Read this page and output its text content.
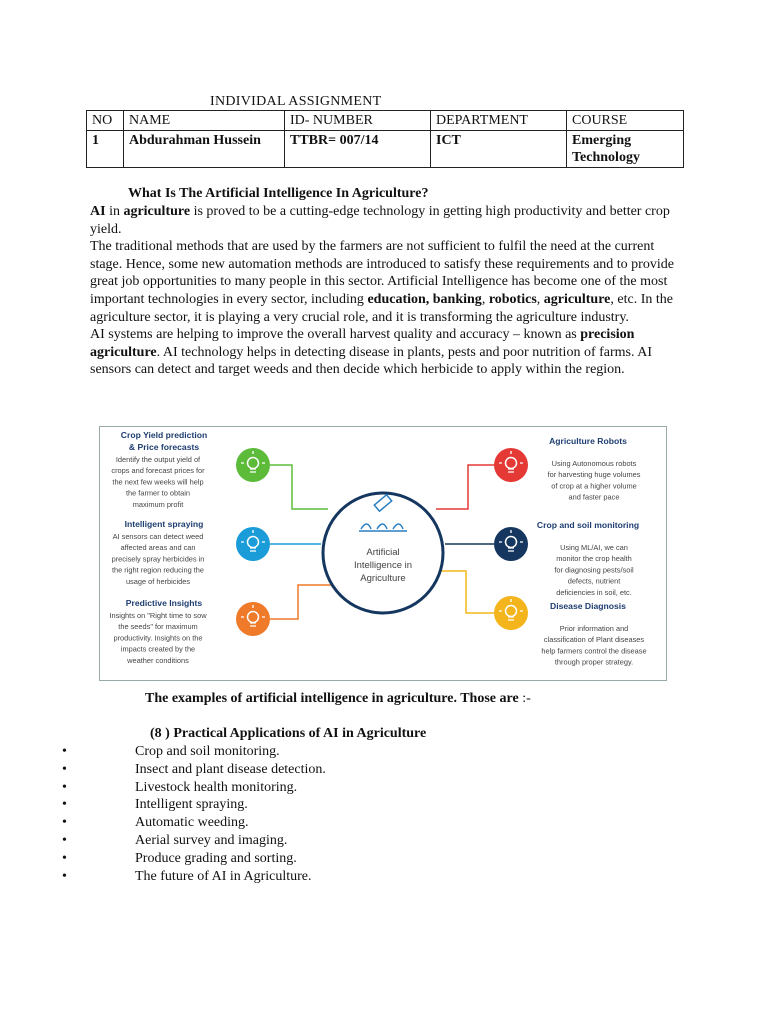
INDIVIDAL ASSIGNMENT
NO	NAME	ID- NUMBER	DEPARTMENT	COURSE
1	Abdurahman Hussein	TTBR= 007/14	ICT	Emerging Technology
What Is The Artificial Intelligence In Agriculture?

AI in agriculture is proved to be a cutting-edge technology in getting high productivity and better crop yield.

The traditional methods that are used by the farmers are not sufficient to fulfil the need at the current stage. Hence, some new automation methods are introduced to satisfy these requirements and to provide great job opportunities to many people in this sector. Artificial Intelligence has become one of the most important technologies in every sector, including education, banking, robotics, agriculture, etc. In the agriculture sector, it is playing a very crucial role, and it is transforming the agriculture industry.

AI systems are helping to improve the overall harvest quality and accuracy – known as precision agriculture. AI technology helps in detecting disease in plants, pests and poor nutrition of farms. AI sensors can detect and target weeds and then decide which herbicide to apply within the region.

Artificial
Intelligence in
Agriculture
Crop Yield prediction
& Price forecasts
Identify the output yield of
crops and forecast prices for
the next few weeks will help
the farmer to obtain
maximum profit
Intelligent spraying
AI sensors can detect weed
affected areas and can
precisely spray herbicides in
the right region reducing the
usage of herbicides
Predictive Insights
Insights on "Right time to sow
the seeds" for maximum
productivity. Insights on the
impacts created by the
weather conditions
Agriculture Robots
Using Autonomous robots
for harvesting huge volumes
of crop at a higher volume
and faster pace
Crop and soil monitoring
Using ML/AI, we can
monitor the crop health
for diagnosing pests/soil
defects, nutrient
deficiencies in soil, etc.
Disease Diagnosis
Prior information and
classification of Plant diseases
help farmers control the disease
through proper strategy.
The examples of artificial intelligence in agriculture. Those are :-
(8 ) Practical Applications of AI in Agriculture
•	Crop and soil monitoring.
•	Insect and plant disease detection.
•	Livestock health monitoring.
•	Intelligent spraying.
•	Automatic weeding.
•	Aerial survey and imaging.
•	Produce grading and sorting.
•	The future of AI in Agriculture.
